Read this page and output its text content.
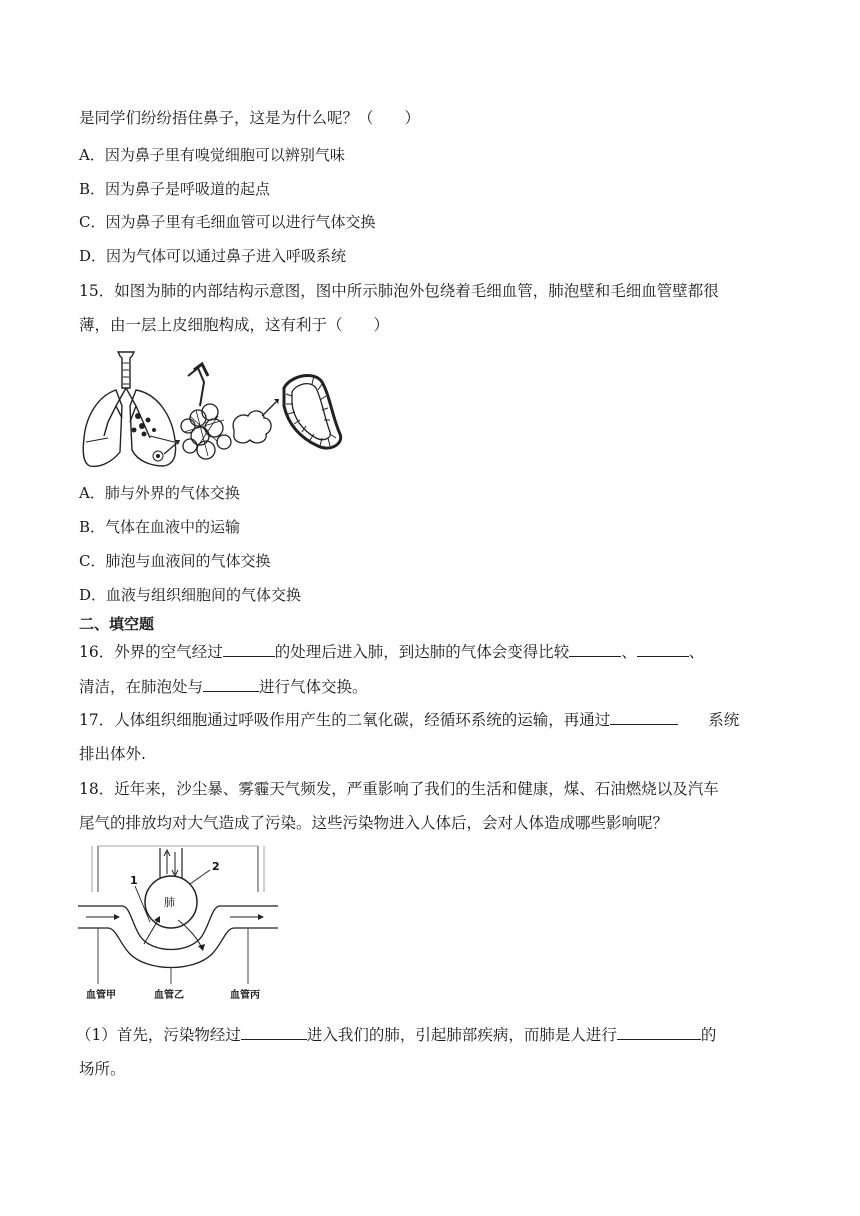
是同学们纷纷捂住鼻子，这是为什么呢？（　　）
A．因为鼻子里有嗅觉细胞可以辨别气味
B．因为鼻子是呼吸道的起点
C．因为鼻子里有毛细血管可以进行气体交换
D．因为气体可以通过鼻子进入呼吸系统
15．如图为肺的内部结构示意图，图中所示肺泡外包绕着毛细血管，肺泡壁和毛细血管壁都很
薄，由一层上皮细胞构成，这有利于（　　）
A．肺与外界的气体交换
B．气体在血液中的运输
C．肺泡与血液间的气体交换
D．血液与组织细胞间的气体交换
二、填空题
16．外界的空气经过	的处理后进入肺，到达肺的气体会变得比较	、	、
清洁，在肺泡处与	进行气体交换。
17．人体组织细胞通过呼吸作用产生的二氧化碳，经循环系统的运输，再通过	系统
排出体外.
18．近年来，沙尘暴、雾霾天气频发，严重影响了我们的生活和健康，煤、石油燃烧以及汽车
尾气的排放均对大气造成了污染。这些污染物进入人体后，会对人体造成哪些影响呢？
肺
1
2
血管甲	血管乙	血管丙
（1）首先，污染物经过	进入我们的肺，引起肺部疾病，而肺是人进行	的
场所。
